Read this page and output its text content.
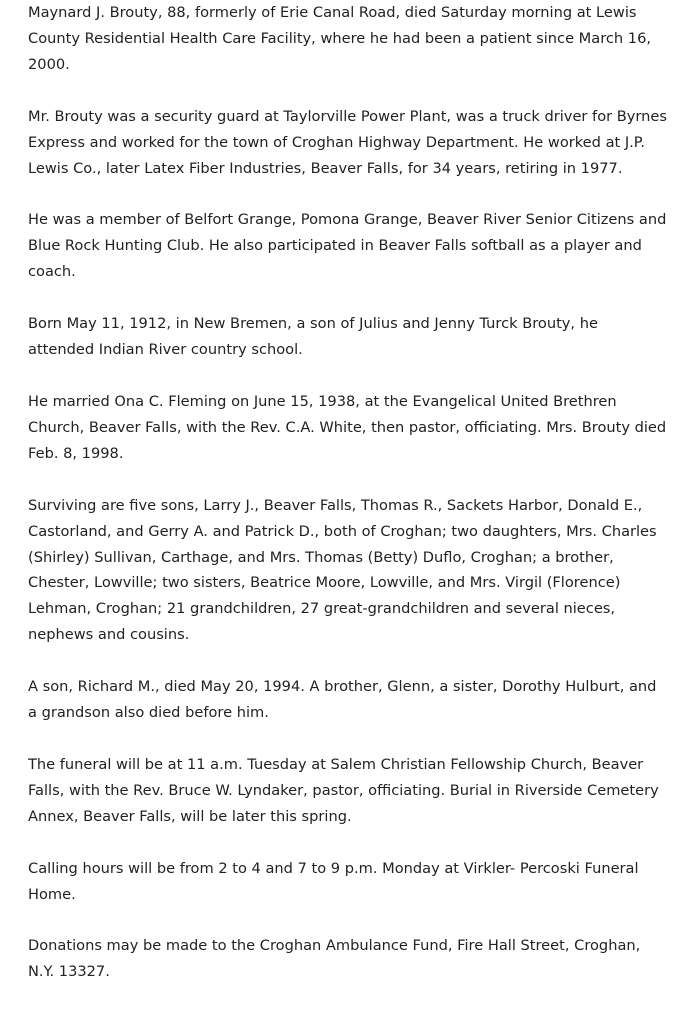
Maynard J. Brouty, 88, formerly of Erie Canal Road, died Saturday morning at Lewis County Residential Health Care Facility, where he had been a patient since March 16, 2000.

Mr. Brouty was a security guard at Taylorville Power Plant, was a truck driver for Byrnes Express and worked for the town of Croghan Highway Department. He worked at J.P. Lewis Co., later Latex Fiber Industries, Beaver Falls, for 34 years, retiring in 1977.

He was a member of Belfort Grange, Pomona Grange, Beaver River Senior Citizens and Blue Rock Hunting Club. He also participated in Beaver Falls softball as a player and coach.

Born May 11, 1912, in New Bremen, a son of Julius and Jenny Turck Brouty, he attended Indian River country school.

He married Ona C. Fleming on June 15, 1938, at the Evangelical United Brethren Church, Beaver Falls, with the Rev. C.A. White, then pastor, officiating. Mrs. Brouty died Feb. 8, 1998.

Surviving are five sons, Larry J., Beaver Falls, Thomas R., Sackets Harbor, Donald E., Castorland, and Gerry A. and Patrick D., both of Croghan; two daughters, Mrs. Charles (Shirley) Sullivan, Carthage, and Mrs. Thomas (Betty) Duflo, Croghan; a brother, Chester, Lowville; two sisters, Beatrice Moore, Lowville, and Mrs. Virgil (Florence) Lehman, Croghan; 21 grandchildren, 27 great-grandchildren and several nieces, nephews and cousins.

A son, Richard M., died May 20, 1994. A brother, Glenn, a sister, Dorothy Hulburt, and a grandson also died before him.

The funeral will be at 11 a.m. Tuesday at Salem Christian Fellowship Church, Beaver Falls, with the Rev. Bruce W. Lyndaker, pastor, officiating. Burial in Riverside Cemetery Annex, Beaver Falls, will be later this spring.

Calling hours will be from 2 to 4 and 7 to 9 p.m. Monday at Virkler- Percoski Funeral Home.

Donations may be made to the Croghan Ambulance Fund, Fire Hall Street, Croghan, N.Y. 13327.
